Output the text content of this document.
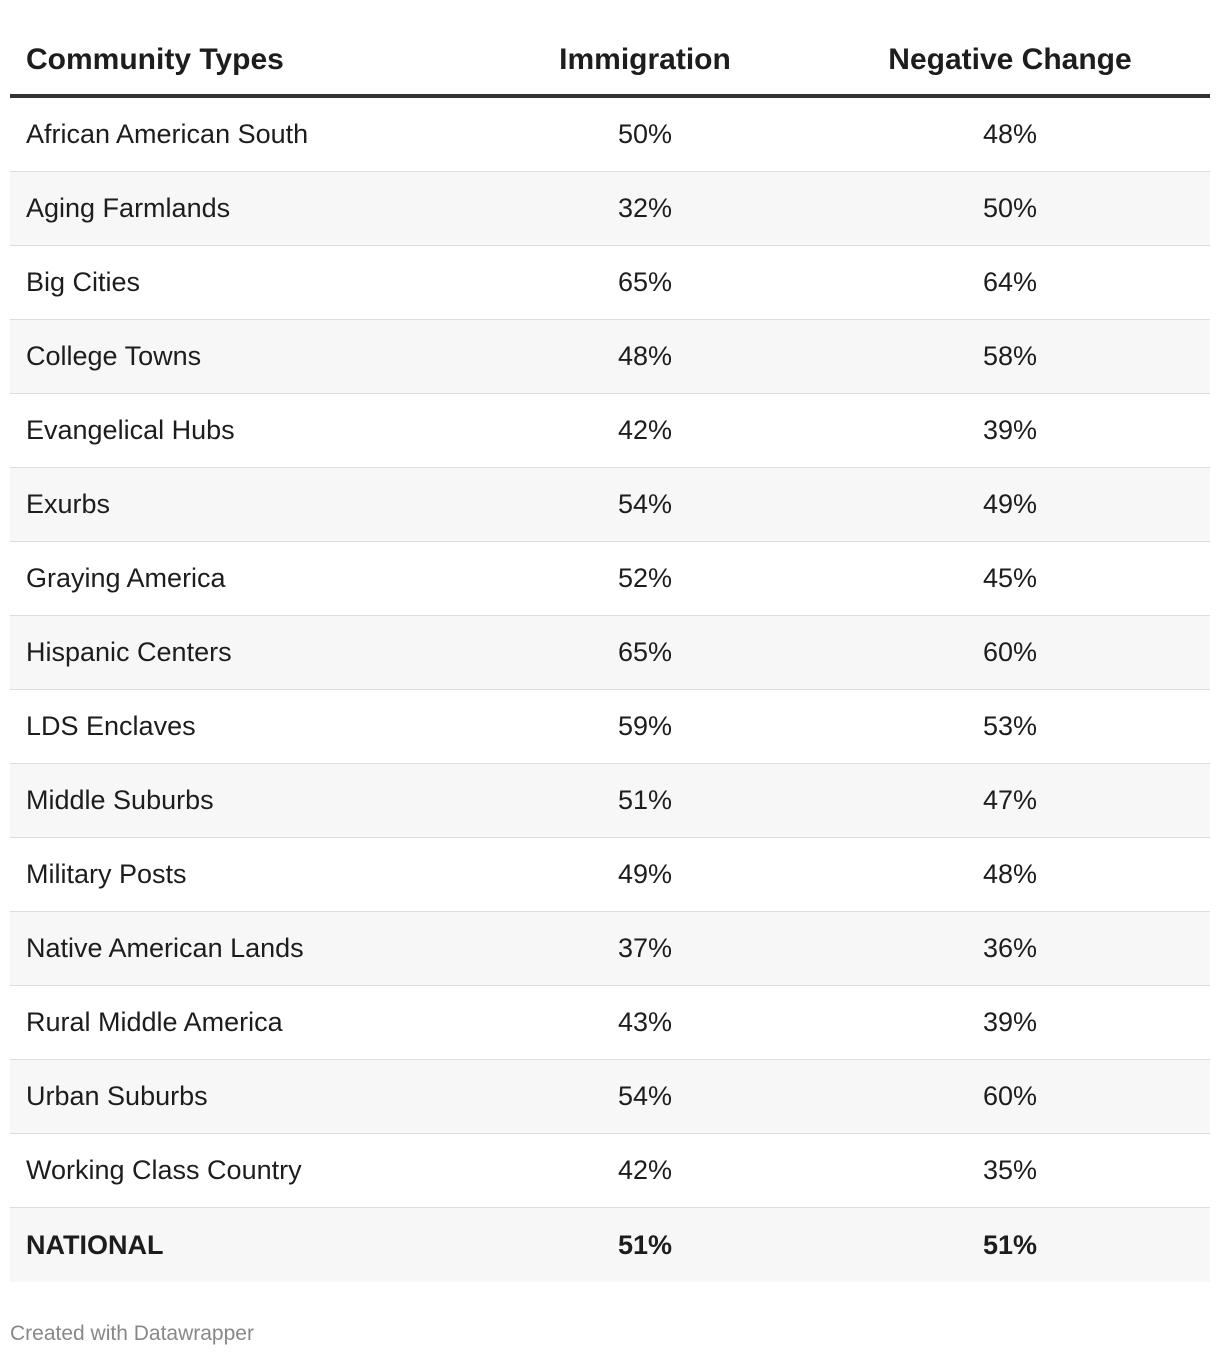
Community Types	Immigration	Negative Change
African American South	50%	48%
Aging Farmlands	32%	50%
Big Cities	65%	64%
College Towns	48%	58%
Evangelical Hubs	42%	39%
Exurbs	54%	49%
Graying America	52%	45%
Hispanic Centers	65%	60%
LDS Enclaves	59%	53%
Middle Suburbs	51%	47%
Military Posts	49%	48%
Native American Lands	37%	36%
Rural Middle America	43%	39%
Urban Suburbs	54%	60%
Working Class Country	42%	35%
NATIONAL	51%	51%
Created with Datawrapper
